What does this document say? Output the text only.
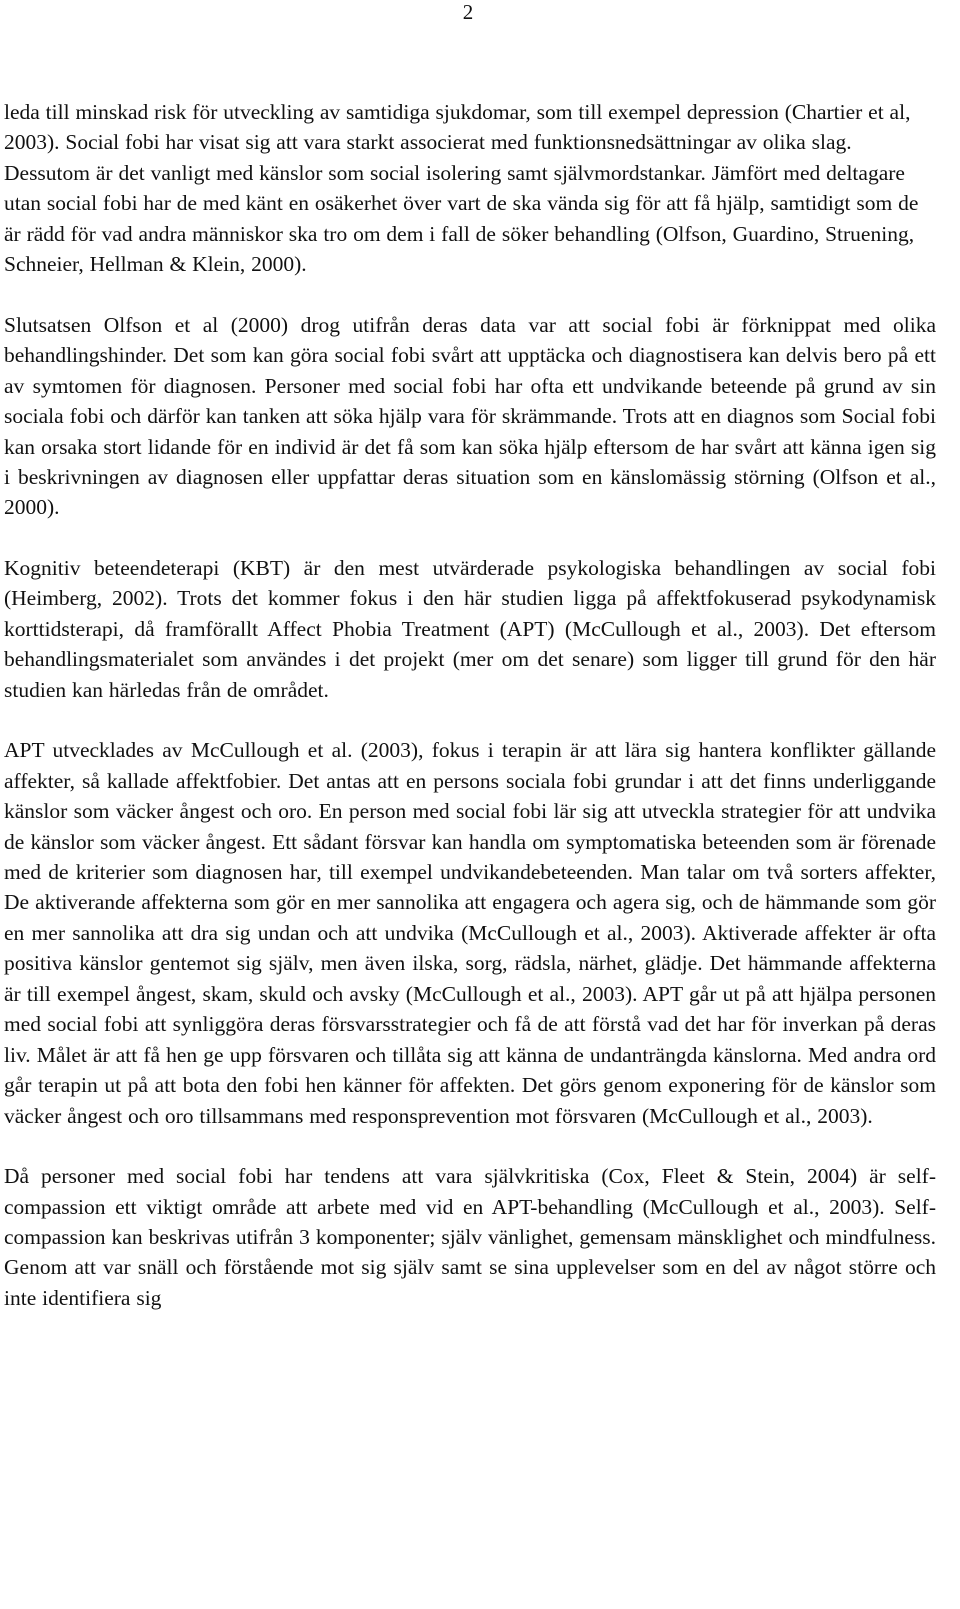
2

leda till minskad risk för utveckling av samtidiga sjukdomar, som till exempel depression (Chartier et al, 2003). Social fobi har visat sig att vara starkt associerat med funktionsnedsättningar av olika slag. Dessutom är det vanligt med känslor som social isolering samt självmordstankar. Jämfört med deltagare utan social fobi har de med känt en osäkerhet över vart de ska vända sig för att få hjälp, samtidigt som de är rädd för vad andra människor ska tro om dem i fall de söker behandling (Olfson, Guardino, Struening, Schneier, Hellman & Klein, 2000).

Slutsatsen Olfson et al (2000) drog utifrån deras data var att social fobi är förknippat med olika behandlingshinder. Det som kan göra social fobi svårt att upptäcka och diagnostisera kan delvis bero på ett av symtomen för diagnosen. Personer med social fobi har ofta ett undvikande beteende på grund av sin sociala fobi och därför kan tanken att söka hjälp vara för skrämmande. Trots att en diagnos som Social fobi kan orsaka stort lidande för en individ är det få som kan söka hjälp eftersom de har svårt att känna igen sig i beskrivningen av diagnosen eller uppfattar deras situation som en känslomässig störning (Olfson et al., 2000).

Kognitiv beteendeterapi (KBT) är den mest utvärderade psykologiska behandlingen av social fobi (Heimberg, 2002). Trots det kommer fokus i den här studien ligga på affektfokuserad psykodynamisk korttidsterapi, då framförallt Affect Phobia Treatment (APT) (McCullough et al., 2003). Det eftersom behandlingsmaterialet som användes i det projekt (mer om det senare) som ligger till grund för den här studien kan härledas från de området.

APT utvecklades av McCullough et al. (2003), fokus i terapin är att lära sig hantera konflikter gällande affekter, så kallade affektfobier. Det antas att en persons sociala fobi grundar i att det finns underliggande känslor som väcker ångest och oro. En person med social fobi lär sig att utveckla strategier för att undvika de känslor som väcker ångest. Ett sådant försvar kan handla om symptomatiska beteenden som är förenade med de kriterier som diagnosen har, till exempel undvikandebeteenden. Man talar om två sorters affekter, De aktiverande affekterna som gör en mer sannolika att engagera och agera sig, och de hämmande som gör en mer sannolika att dra sig undan och att undvika (McCullough et al., 2003). Aktiverade affekter är ofta positiva känslor gentemot sig själv, men även ilska, sorg, rädsla, närhet, glädje. Det hämmande affekterna är till exempel ångest, skam, skuld och avsky (McCullough et al., 2003). APT går ut på att hjälpa personen med social fobi att synliggöra deras försvarsstrategier och få de att förstå vad det har för inverkan på deras liv. Målet är att få hen ge upp försvaren och tillåta sig att känna de undanträngda känslorna. Med andra ord går terapin ut på att bota den fobi hen känner för affekten. Det görs genom exponering för de känslor som väcker ångest och oro tillsammans med responsprevention mot försvaren (McCullough et al., 2003).

Då personer med social fobi har tendens att vara självkritiska (Cox, Fleet & Stein, 2004) är self-compassion ett viktigt område att arbete med vid en APT-behandling (McCullough et al., 2003). Self-compassion kan beskrivas utifrån 3 komponenter; själv vänlighet, gemensam mänsklighet och mindfulness. Genom att var snäll och förstående mot sig själv samt se sina upplevelser som en del av något större och inte identifiera sig
